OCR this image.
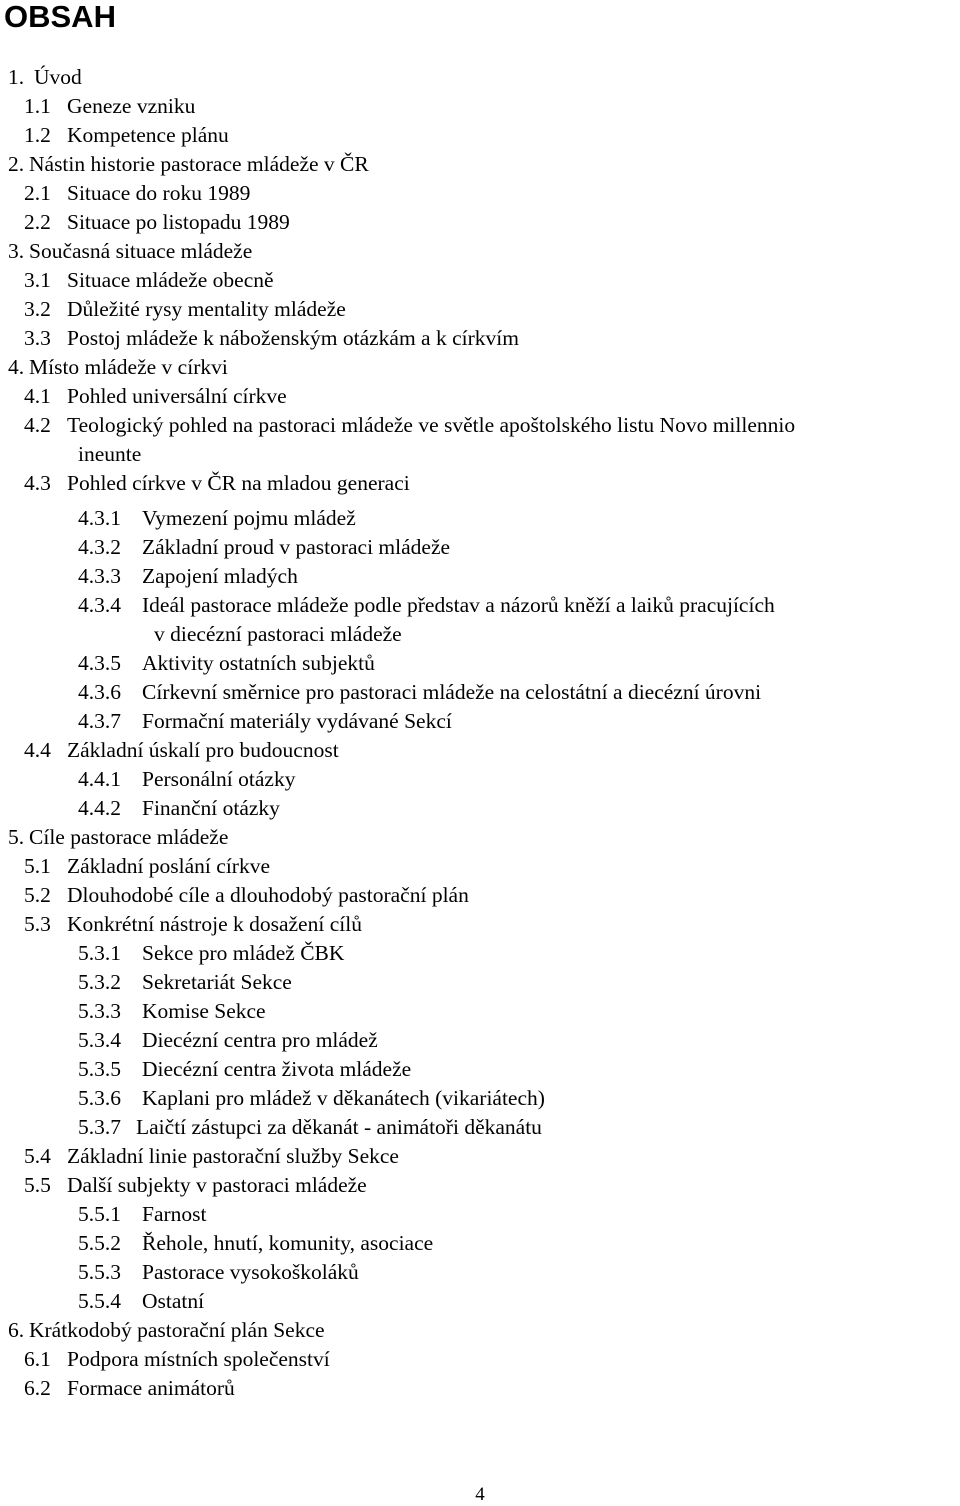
OBSAH
1. Úvod
1.1 Geneze vzniku
1.2 Kompetence plánu
2. Nástin historie pastorace mládeže v ČR
2.1 Situace do roku 1989
2.2 Situace po listopadu 1989
3. Současná situace mládeže
3.1 Situace mládeže obecně
3.2 Důležité rysy mentality mládeže
3.3 Postoj mládeže k náboženským otázkám a k církvím
4. Místo mládeže v církvi
4.1 Pohled universální církve
4.2 Teologický pohled na pastoraci mládeže ve světle apoštolského listu Novo millennio
ineunte
4.3 Pohled církve v ČR na mladou generaci
4.3.1 Vymezení pojmu mládež
4.3.2 Základní proud v pastoraci mládeže
4.3.3 Zapojení mladých
4.3.4 Ideál pastorace mládeže podle představ a názorů kněží a laiků pracujících
v diecézní pastoraci mládeže
4.3.5 Aktivity ostatních subjektů
4.3.6 Církevní směrnice pro pastoraci mládeže na celostátní a diecézní úrovni
4.3.7 Formační materiály vydávané Sekcí
4.4 Základní úskalí pro budoucnost
4.4.1 Personální otázky
4.4.2 Finanční otázky
5. Cíle pastorace mládeže
5.1 Základní poslání církve
5.2 Dlouhodobé cíle a dlouhodobý pastorační plán
5.3 Konkrétní nástroje k dosažení cílů
5.3.1 Sekce pro mládež ČBK
5.3.2 Sekretariát Sekce
5.3.3 Komise Sekce
5.3.4 Diecézní centra pro mládež
5.3.5 Diecézní centra života mládeže
5.3.6 Kaplani pro mládež v děkanátech (vikariátech)
5.3.7 Laičtí zástupci za děkanát - animátoři děkanátu
5.4 Základní linie pastorační služby Sekce
5.5 Další subjekty v pastoraci mládeže
5.5.1 Farnost
5.5.2 Řehole, hnutí, komunity, asociace
5.5.3 Pastorace vysokoškoláků
5.5.4 Ostatní
6. Krátkodobý pastorační plán Sekce
6.1 Podpora místních společenství
6.2 Formace animátorů
4
